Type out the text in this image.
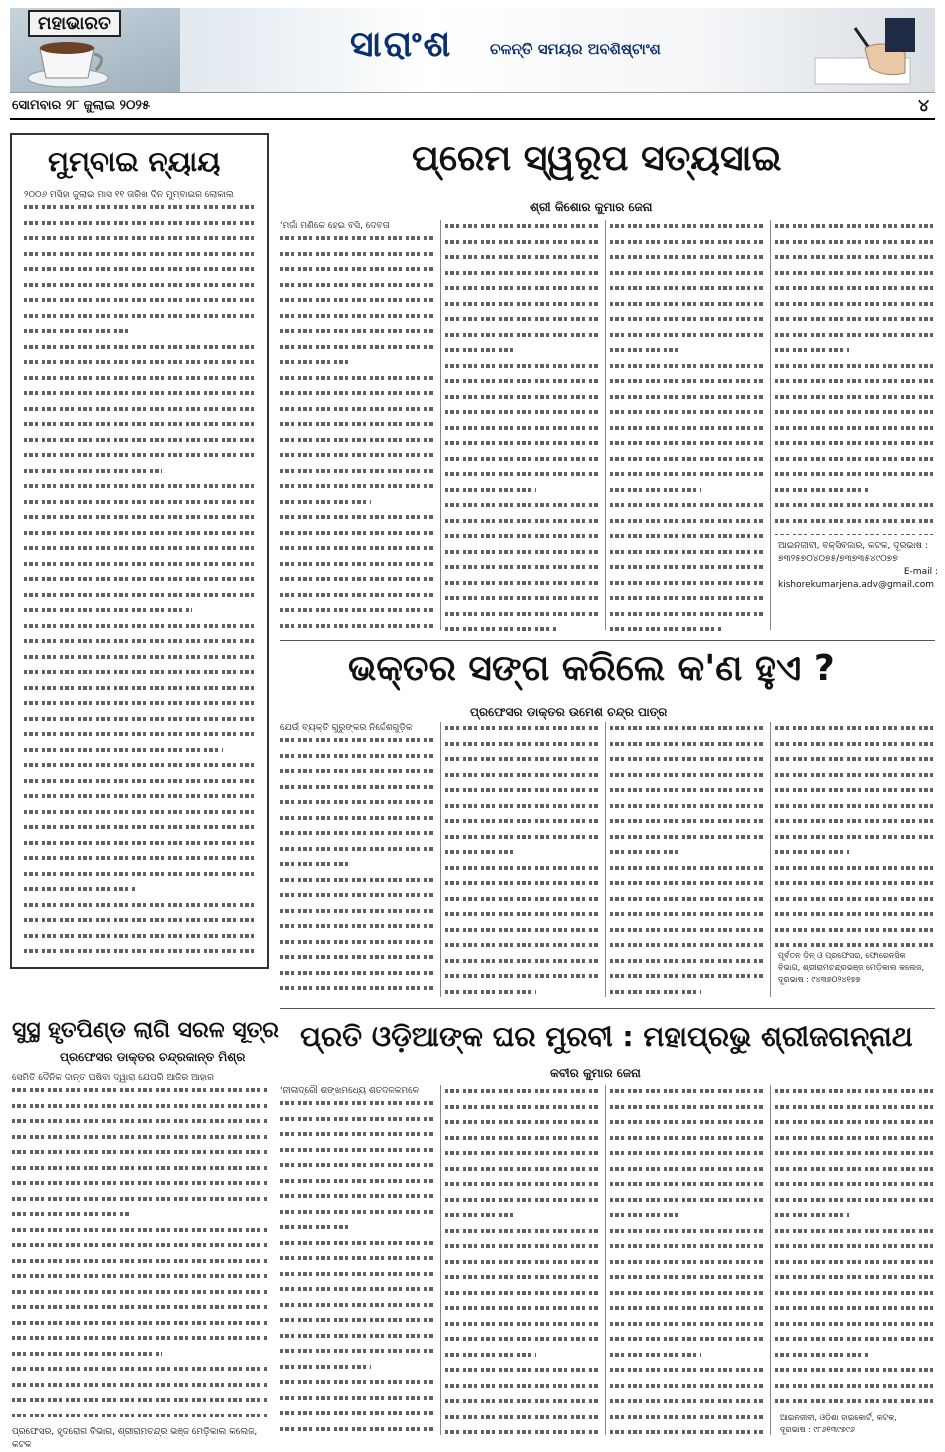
ମହାଭାରତ
ସାରାଂଶ	ଚଳନ୍ତି ସମୟର ଅବଶିଷ୍ଟାଂଶ
ସୋମବାର ୨୮ ଜୁଲାଇ ୨୦୨୫	୪
ମୁମ୍ବାଇ ନ୍ୟାୟ
୨୦୦୬ ମସିହା ଜୁଲାଇ ମାସ ୧୧ ତାରିଖ ଦିନ ମୁମ୍ବାଇର ଲୋକାଲ
ସୁସ୍ଥ ହୃତପିଣ୍ଡ ଲାଗି ସରଳ ସୂତ୍ର
ପ୍ରଫେସର ଡାକ୍ତର ଚନ୍ଦ୍ରକାନ୍ତ ମିଶ୍ର
ସେମିତି ଦୈନିକ ଦାନ୍ତ ଘଷିବା ଦ୍ୱାରା ଯେପରି ଆଜିର ଆହାର
ପ୍ରଫେସର, ହୃଦରୋଗ ବିଭାଗ, ଶ୍ରୀରାମଚନ୍ଦ୍ର ଭଞ୍ଜ ମେଡ଼ିକାଲ କଲେଜ, କଟକ
ପ୍ରେମ ସ୍ୱରୂପ ସତ୍ୟସାଇ
ଶ୍ରୀ କିଶୋର କୁମାର ଜେନା
'ମର୍ଜା ମଣିକେ ହେଇ ବସି, ଦେବତା
ଆଇନଜୀବୀ, ବକ୍ସିବଜାର, କଟକ, ଦୂରଭାଷ :
୭୩୨୫୭୦୪୦୭୫/୭୩୭୩୫୪୯୦୭୭
E-mail :
kishorekumarjena.adv@gmail.com
ଭକ୍ତର ସଙ୍ଗ କରିଲେ କ'ଣ ହୁଏ ?
ପ୍ରଫେସର ଡାକ୍ତର ଉମେଶ ଚନ୍ଦ୍ର ପାତ୍ର
ଯେଉଁ ବ୍ୟକ୍ତି ଗୁରୁଙ୍କର ନିର୍ଦ୍ଦେଶଗୁଡ଼ିକ
ପୂର୍ବତନ ଡ଼ିନ୍ ଓ ପ୍ରଫେସର, ଫୋରେନସିକ
ବିଭାଗ, ଶ୍ରୀରାମଚନ୍ଦ୍ରଭଞ୍ଜ ମେଡ଼ିକାଲ କଲେଜ,
ଦୂରଭାଷ : ୯୪୩୭୦୨୪୧୭୭
ପ୍ରତି ଓଡ଼ିଆଙ୍କ ଘର ମୁରବୀ : ମହାପ୍ରଭୁ ଶ୍ରୀଜଗନ୍ନାଥ
କବୀର କୁମାର ଜେନା
'ନୀଳାଦ୍ରୌ ଶଙ୍ଖମଧ୍ୟେ ଶତଦଳକମଳେ
ଆଇନଜୀବୀ, ଓଡ଼ିଶା ହାଇକୋର୍ଟ, କଟକ,
ଦୂରଭାଷ : ୯୮୬୧୩୯୭୯୬
